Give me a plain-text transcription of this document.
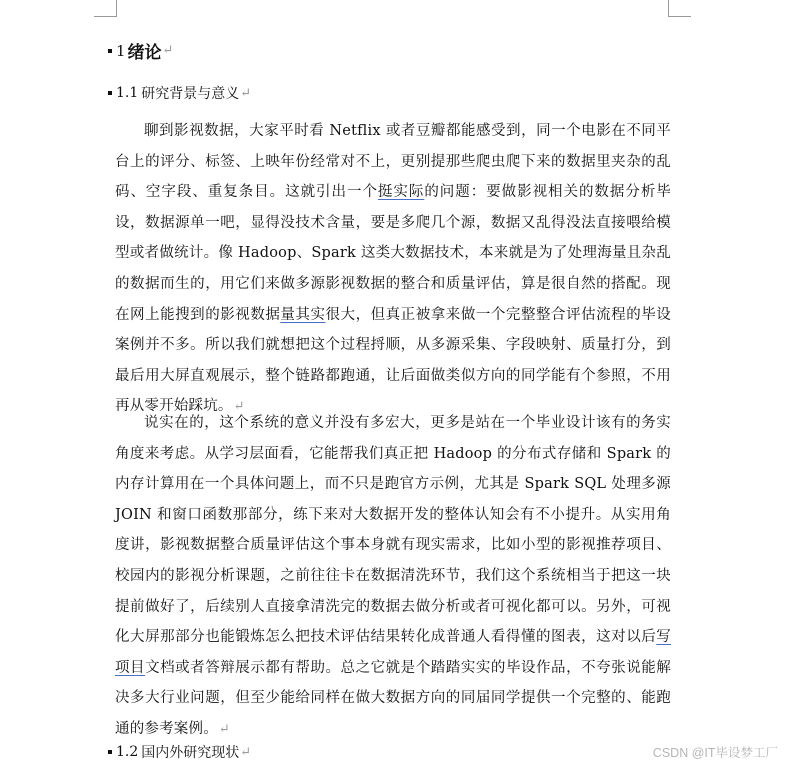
1 绪论 ↵
1.1 研究背景与意义 ↵

聊到影视数据，大家平时看 Netflix 或者豆瓣都能感受到，同一个电影在不同平台上的评分、标签、上映年份经常对不上，更别提那些爬虫爬下来的数据里夹杂的乱码、空字段、重复条目。这就引出一个挺实际的问题：要做影视相关的数据分析毕设，数据源单一吧，显得没技术含量，要是多爬几个源，数据又乱得没法直接喂给模型或者做统计。像 Hadoop、Spark 这类大数据技术，本来就是为了处理海量且杂乱的数据而生的，用它们来做多源影视数据的整合和质量评估，算是很自然的搭配。现在网上能搜到的影视数据量其实很大，但真正被拿来做一个完整整合评估流程的毕设案例并不多。所以我们就想把这个过程捋顺，从多源采集、字段映射、质量打分，到最后用大屏直观展示，整个链路都跑通，让后面做类似方向的同学能有个参照，不用再从零开始踩坑。↵

说实在的，这个系统的意义并没有多宏大，更多是站在一个毕业设计该有的务实角度来考虑。从学习层面看，它能帮我们真正把 Hadoop 的分布式存储和 Spark 的内存计算用在一个具体问题上，而不只是跑官方示例，尤其是 Spark SQL 处理多源 JOIN 和窗口函数那部分，练下来对大数据开发的整体认知会有不小提升。从实用角度讲，影视数据整合质量评估这个事本身就有现实需求，比如小型的影视推荐项目、校园内的影视分析课题，之前往往卡在数据清洗环节，我们这个系统相当于把这一块提前做好了，后续别人直接拿清洗完的数据去做分析或者可视化都可以。另外，可视化大屏那部分也能锻炼怎么把技术评估结果转化成普通人看得懂的图表，这对以后写项目文档或者答辩展示都有帮助。总之它就是个踏踏实实的毕设作品，不夸张说能解决多大行业问题，但至少能给同样在做大数据方向的同届同学提供一个完整的、能跑通的参考案例。↵

1.2 国内外研究现状 ↵	CSDN @IT毕设梦工厂
